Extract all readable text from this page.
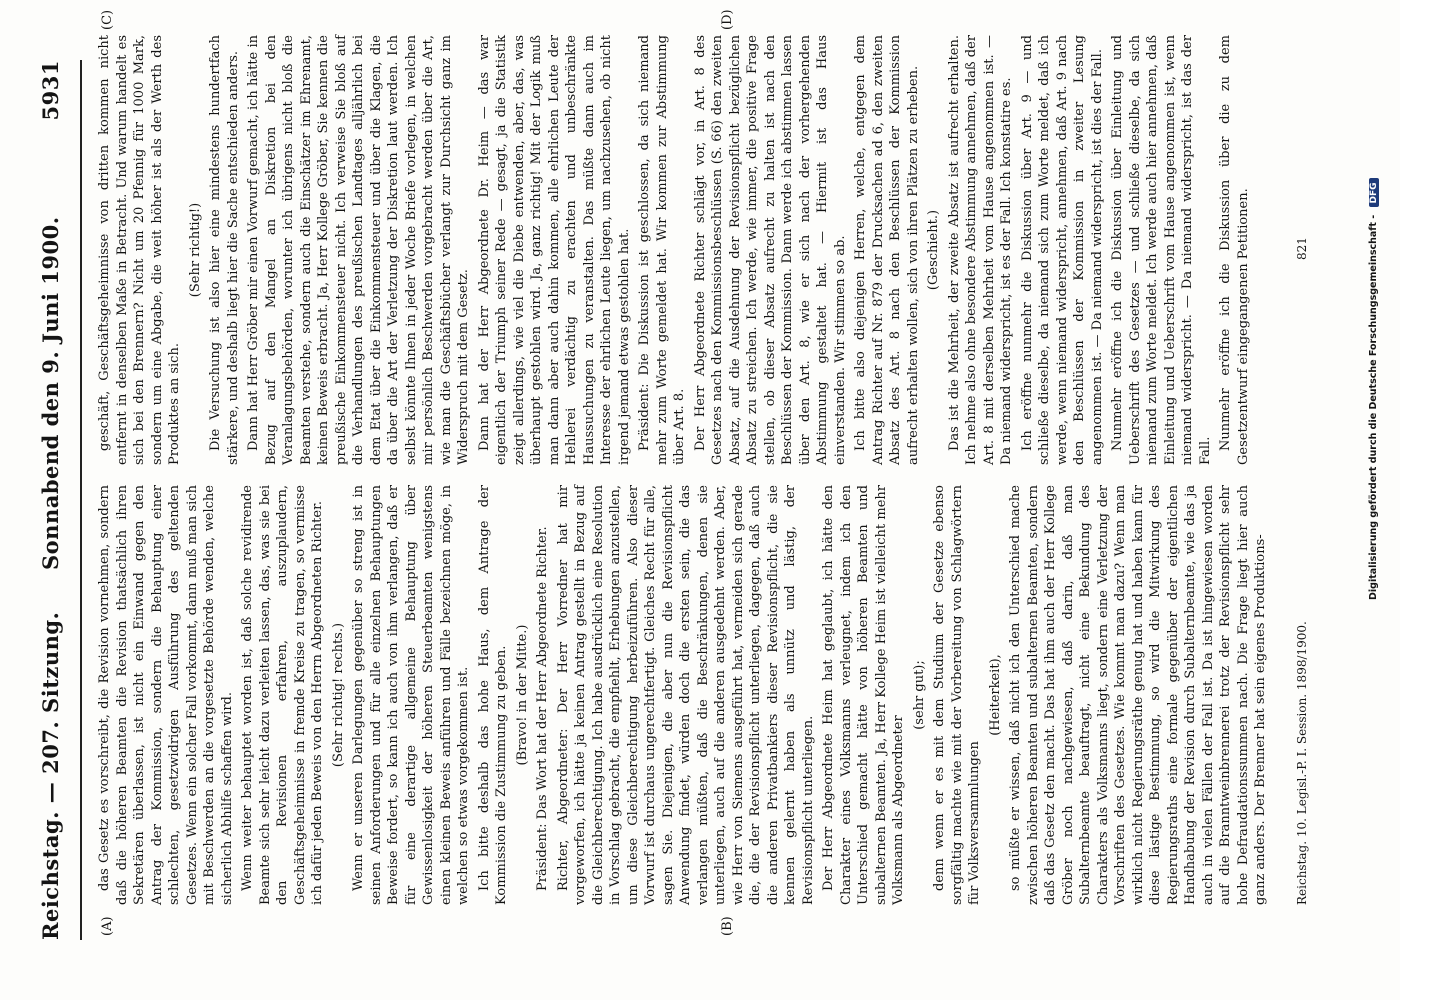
Reichstag. — 207. Sitzung.
Sonnabend den 9. Juni 1900.
5931
(A)	(B)
(C)	(D)

das Gesetz es vorschreibt, die Revision vornehmen, sondern daß die höheren Beamten die Revision thatsächlich ihren Sekretären überlassen, ist nicht ein Einwand gegen den Antrag der Kommission, sondern die Behauptung einer schlechten, gesetzwidrigen Ausführung des geltenden Gesetzes. Wenn ein solcher Fall vorkommt, dann muß man sich mit Beschwerden an die vorgesetzte Behörde wenden, welche sicherlich Abhilfe schaffen wird. Wenn weiter behauptet worden ist, daß solche revidirende Beamte sich sehr leicht dazu verleiten lassen, das, was sie bei den Revisionen erfahren, auszuplaudern, Geschäftsgeheimnisse in fremde Kreise zu tragen, so vermisse ich dafür jeden Beweis von den Herrn Abgeordneten Richter. (Sehr richtig! rechts.) Wenn er unseren Darlegungen gegenüber so streng ist in seinen Anforderungen und für alle einzelnen Behauptungen Beweise fordert, so kann ich auch von ihm verlangen, daß er für eine derartige allgemeine Behauptung über Gewissenlosigkeit der höheren Steuerbeamten wenigstens einen kleinen Beweis anführen und Fälle bezeichnen möge, in welchen so etwas vorgekommen ist. Ich bitte deshalb das hohe Haus, dem Antrage der Kommission die Zustimmung zu geben. (Bravo! in der Mitte.) Präsident: Das Wort hat der Herr Abgeordnete Richter. Richter, Abgeordneter: Der Herr Vorredner hat mir vorgeworfen, ich hätte ja keinen Antrag gestellt in Bezug auf die Gleichberechtigung. Ich habe ausdrücklich eine Resolution in Vorschlag gebracht, die empfiehlt, Erhebungen anzustellen, um diese Gleichberechtigung herbeizuführen. Also dieser Vorwurf ist durchaus ungerechtfertigt. Gleiches Recht für alle, sagen Sie. Diejenigen, die aber nun die Revisionspflicht Anwendung findet, würden doch die ersten sein, die das verlangen müßten, daß die Beschränkungen, denen sie unterliegen, auch auf die anderen ausgedehnt werden. Aber, wie Herr von Siemens ausgeführt hat, vermeiden sich gerade die, die der Revisionspflicht unterliegen, dagegen, daß auch die anderen Privatbankiers dieser Revisionspflicht, die sie kennen gelernt haben als unnütz und lästig, der Revisionspflicht unterliegen. Der Herr Abgeordnete Heim hat geglaubt, ich hätte den Charakter eines Volksmanns verleugnet, indem ich den Unterschied gemacht hätte von höheren Beamten und subalternen Beamten. Ja, Herr Kollege Heim ist vielleicht mehr Volksmann als Abgeordneter

(sehr gut); denn wenn er es mit dem Studium der Gesetze ebenso sorgfältig machte wie mit der Vorbereitung von Schlagwörtern für Volksversammlungen

(Heiterkeit), so müßte er wissen, daß nicht ich den Unterschied mache zwischen höheren Beamten und subalternen Beamten, sondern daß das Gesetz den macht. Das hat ihm auch der Herr Kollege Gröber noch nachgewiesen, daß darin, daß man Subalternbeamte beauftragt, nicht eine Bekundung des Charakters als Volksmanns liegt, sondern eine Verletzung der Vorschriften des Gesetzes. Wie kommt man dazu? Wenn man wirklich nicht Regierungsräthe genug hat und haben kann für diese lästige Bestimmung, so wird die Mitwirkung des Regierungsraths eine formale gegenüber der eigentlichen Handhabung der Revision durch Subalternbeamte, wie das ja auch in vielen Fällen der Fall ist. Da ist hingewiesen worden auf die Branntweinbrennerei trotz der Revisionspflicht sehr hohe Defraudationssummen nach. Die Frage liegt hier auch ganz anders. Der Brenner hat sein eigenes Produktions-

geschäft, Geschäftsgeheimnisse von dritten kommen nicht entfernt in denselben Maße in Betracht. Und warum handelt es sich bei den Brennern? Nicht um 20 Pfennig für 1000 Mark, sondern um eine Abgabe, die weit höher ist als der Werth des Produktes an sich.

(Sehr richtig!) Die Versuchung ist also hier eine mindestens hundertfach stärkere, und deshalb liegt hier die Sache entschieden anders. Dann hat Herr Gröber mir einen Vorwurf gemacht, ich hätte in Bezug auf den Mangel an Diskretion bei den Veranlagungsbehörden, worunter ich übrigens nicht bloß die Beamten verstehe, sondern auch die Einschätzer im Ehrenamt, keinen Beweis erbracht. Ja, Herr Kollege Gröber, Sie kennen die preußische Einkommensteuer nicht. Ich verweise Sie bloß auf die Verhandlungen des preußischen Landtages alljährlich bei dem Etat über die Einkommensteuer und über die Klagen, die da über die Art der Verletzung der Diskretion laut werden. Ich selbst könnte Ihnen in jeder Woche Briefe vorlegen, in welchen mir persönlich Beschwerden vorgebracht werden über die Art, wie man die Geschäftsbücher verlangt zur Durchsicht ganz im Widerspruch mit dem Gesetz. Dann hat der Herr Abgeordnete Dr. Heim — das war eigentlich der Triumph seiner Rede — gesagt, ja die Statistik zeigt allerdings, wie viel die Diebe entwenden, aber, das, was überhaupt gestohlen wird. Ja, ganz richtig! Mit der Logik muß man dann aber auch dahin kommen, alle ehrlichen Leute der Hehlerei verdächtig zu erachten und unbeschränkte Haussuchungen zu veranstalten. Das müßte dann auch im Interesse der ehrlichen Leute liegen, um nachzusehen, ob nicht irgend jemand etwas gestohlen hat. Präsident: Die Diskussion ist geschlossen, da sich niemand mehr zum Worte gemeldet hat. Wir kommen zur Abstimmung über Art. 8. Der Herr Abgeordnete Richter schlägt vor, in Art. 8 des Gesetzes nach den Kommissionsbeschlüssen (S. 66) den zweiten Absatz, auf die Ausdehnung der Revisionspflicht bezüglichen Absatz zu streichen. Ich werde, wie immer, die positive Frage stellen, ob dieser Absatz aufrecht zu halten ist nach den Beschlüssen der Kommission. Dann werde ich abstimmen lassen über den Art. 8, wie er sich nach der vorhergehenden Abstimmung gestaltet hat. — Hiermit ist das Haus einverstanden. Wir stimmen so ab. Ich bitte also diejenigen Herren, welche, entgegen dem Antrag Richter auf Nr. 879 der Drucksachen ad 6, den zweiten Absatz des Art. 8 nach den Beschlüssen der Kommission aufrecht erhalten wollen, sich von ihren Plätzen zu erheben. (Geschieht.) Das ist die Mehrheit, der zweite Absatz ist aufrecht erhalten. Ich nehme also ohne besondere Abstimmung annehmen, daß der Art. 8 mit derselben Mehrheit vom Hause angenommen ist. — Da niemand widerspricht, ist es der Fall. Ich konstatire es. Ich eröffne nunmehr die Diskussion über Art. 9 — und schließe dieselbe, da niemand sich zum Worte meldet, daß ich werde, wenn niemand widerspricht, annehmen, daß Art. 9 nach den Beschlüssen der Kommission in zweiter Lesung angenommen ist. — Da niemand widerspricht, ist dies der Fall. Nunmehr eröffne ich die Diskussion über Einleitung und Ueberschrift des Gesetzes — und schließe dieselbe, da sich niemand zum Worte meldet. Ich werde auch hier annehmen, daß Einleitung und Ueberschrift vom Hause angenommen ist, wenn niemand widerspricht. — Da niemand widerspricht, ist das der Fall. Nunmehr eröffne ich die Diskussion über die zu dem Gesetzentwurf eingegangenen Petitionen.

Reichstag. 10. Legisl.-P. I. Session. 1898/1900.
821	Digitalisierung gefördert durch die Deutsche Forschungsgemeinschaft - DFG
